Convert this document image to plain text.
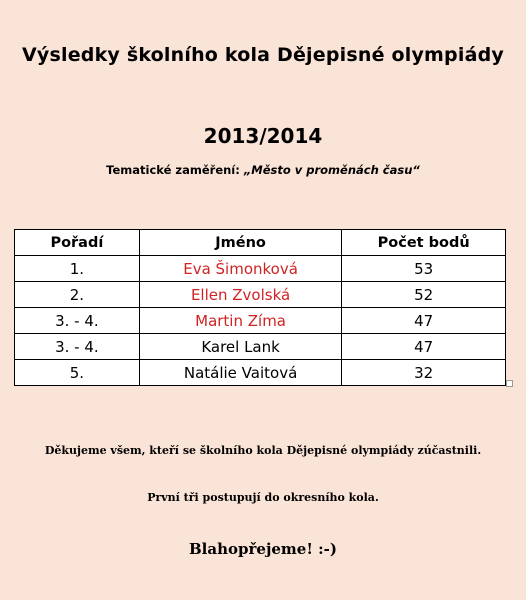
Výsledky školního kola Dějepisné olympiády
2013/2014
Tematické zaměření: „Město v proměnách času“
Pořadí	Jméno	Počet bodů
1.	Eva Šimonková	53
2.	Ellen Zvolská	52
3. - 4.	Martin Zíma	47
3. - 4.	Karel Lank	47
5.	Natálie Vaitová	32
Děkujeme všem, kteří se školního kola Dějepisné olympiády zúčastnili.
První tři postupují do okresního kola.
Blahopřejeme! :-)
